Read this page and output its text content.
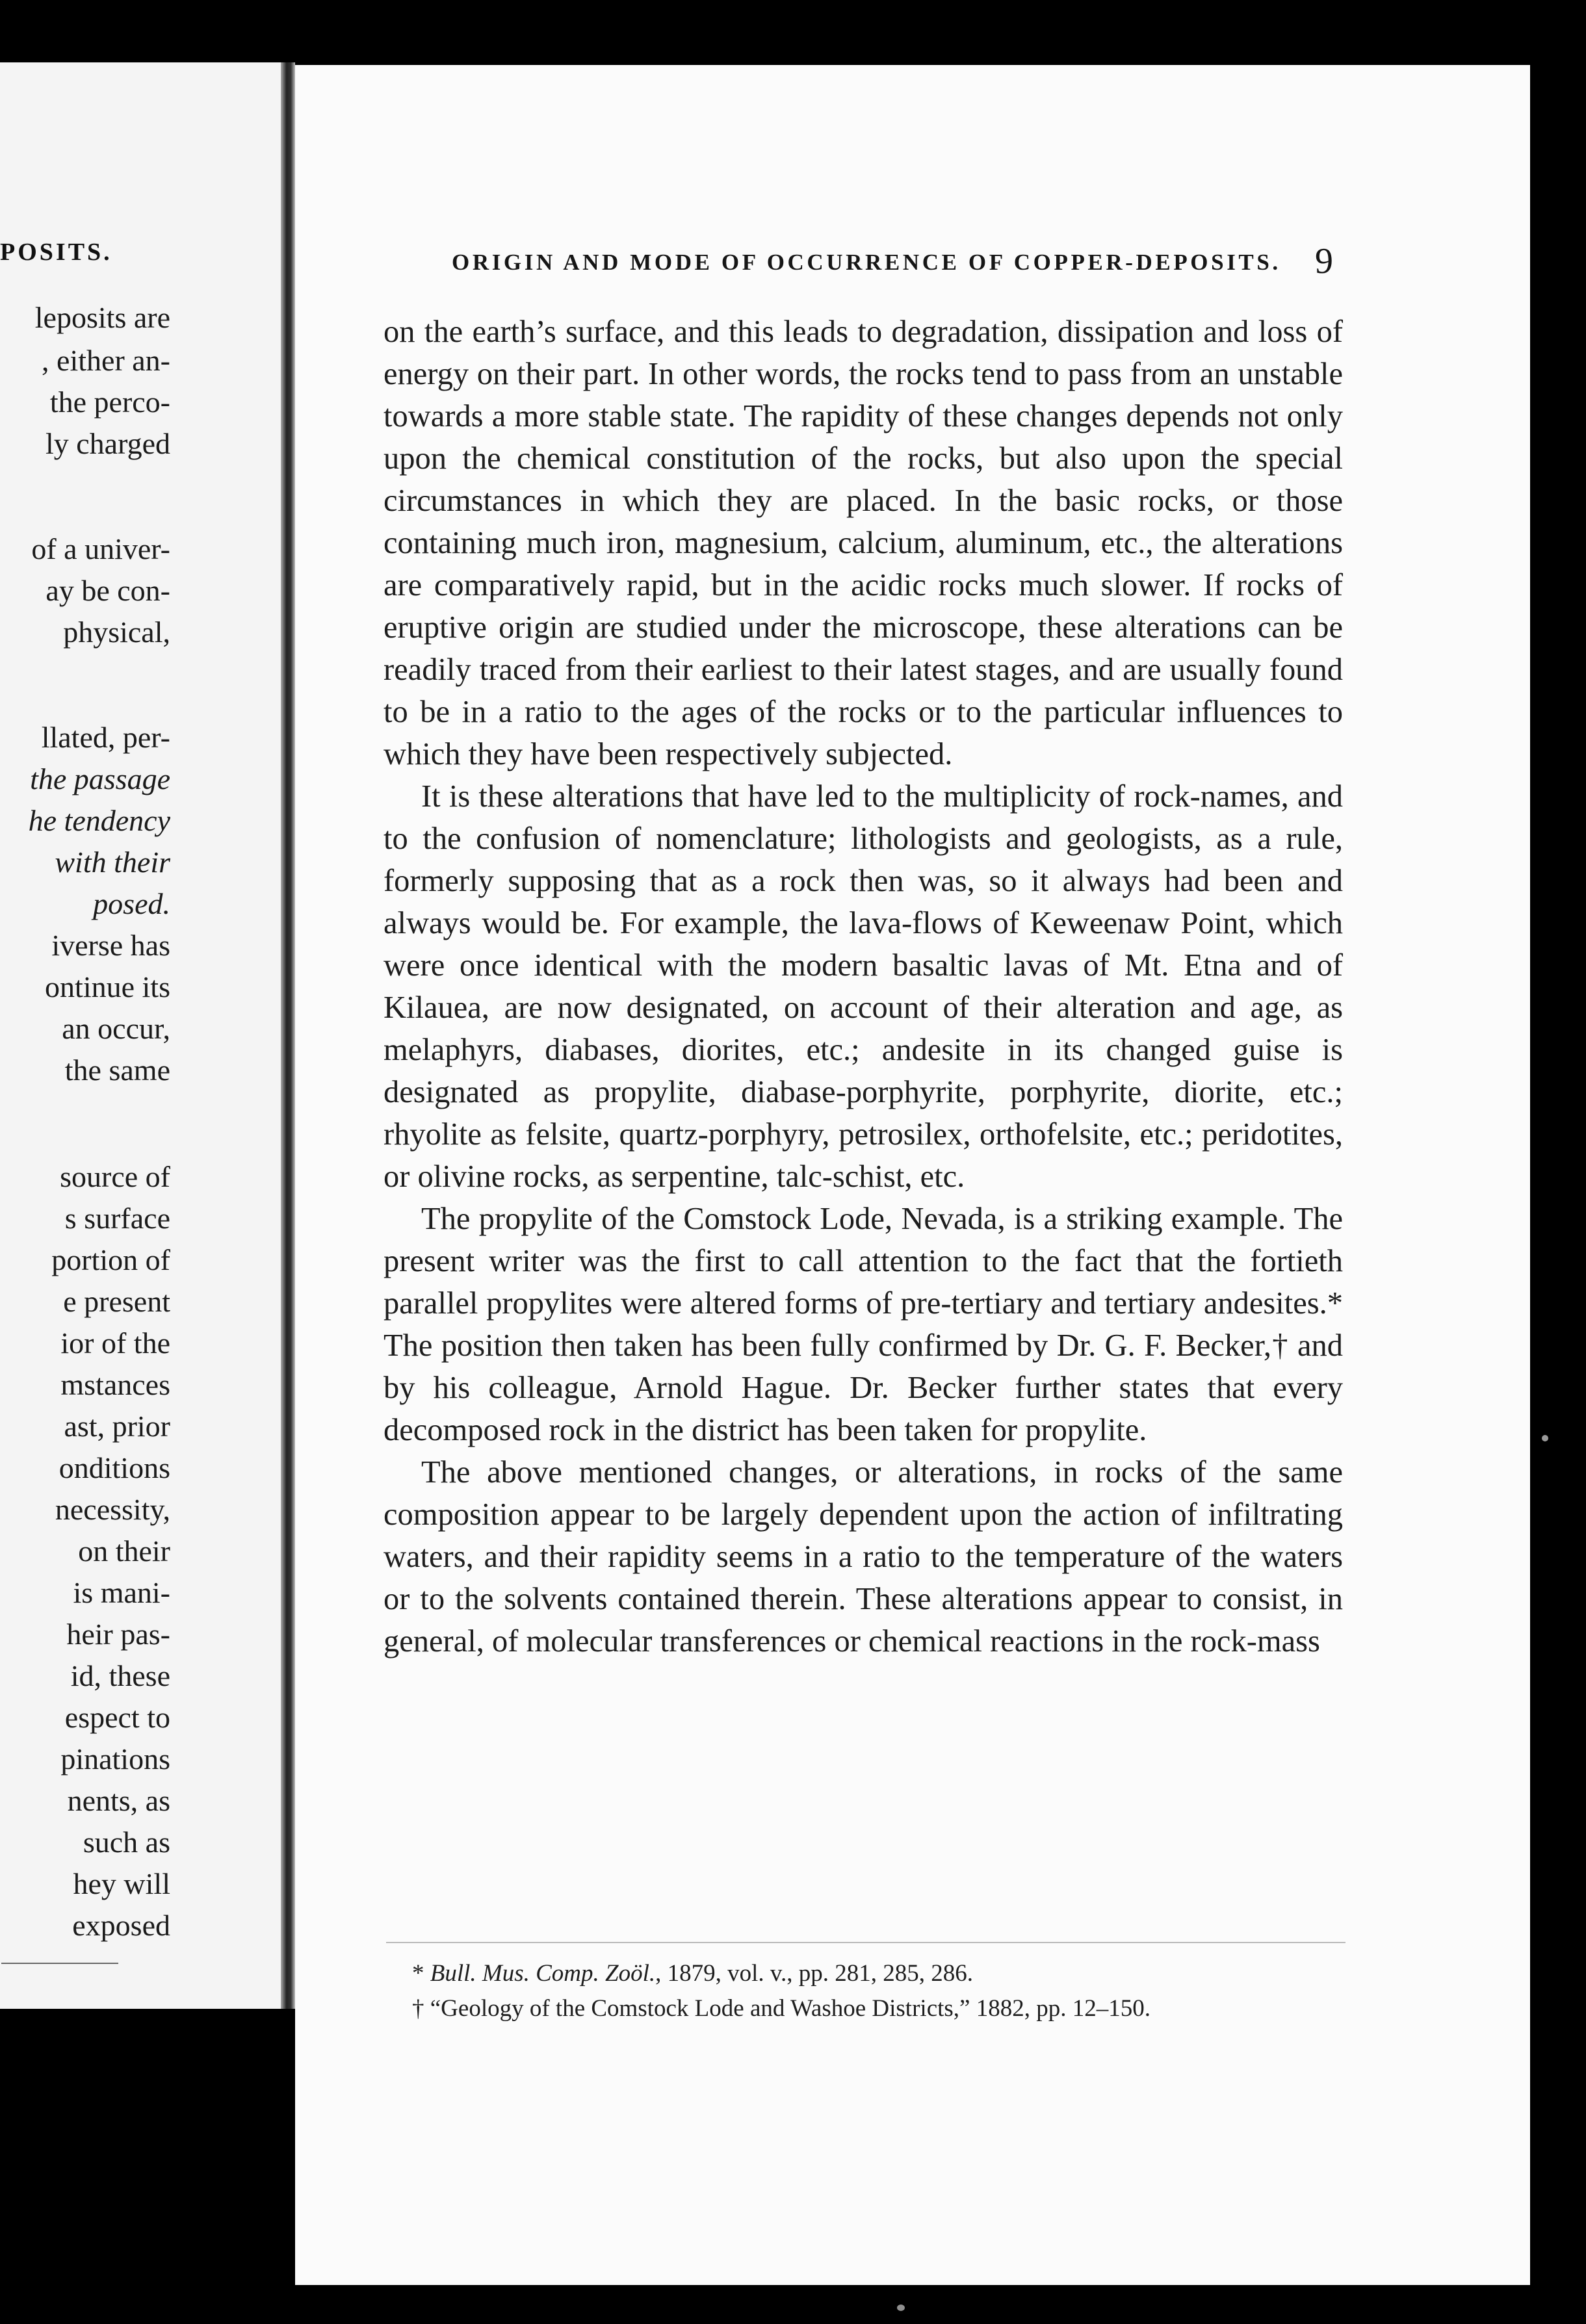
POSITS.
leposits are
, either an-
the perco-
ly charged
of a univer-
ay be con-
physical,
llated, per-
the passage
he tendency
with their
posed.
iverse has
ontinue its
an occur,
the same
source of
s surface
portion of
e present
ior of the
mstances
ast, prior
onditions
necessity,
on their
is mani-
heir pas-
id, these
espect to
pinations
nents, as
such as
hey will
exposed
ORIGIN AND MODE OF OCCURRENCE OF COPPER-DEPOSITS. 9

on the earth’s surface, and this leads to degradation, dissipation and loss of energy on their part. In other words, the rocks tend to pass from an unstable towards a more stable state. The rapidity of these changes depends not only upon the chemical constitution of the rocks, but also upon the special circumstances in which they are placed. In the basic rocks, or those containing much iron, magnesium, calcium, aluminum, etc., the alterations are comparatively rapid, but in the acidic rocks much slower. If rocks of eruptive origin are studied under the microscope, these alterations can be readily traced from their earliest to their latest stages, and are usually found to be in a ratio to the ages of the rocks or to the particular influences to which they have been respectively subjected.

It is these alterations that have led to the multiplicity of rock-names, and to the confusion of nomenclature; lithologists and geologists, as a rule, formerly supposing that as a rock then was, so it always had been and always would be. For example, the lava-flows of Keweenaw Point, which were once identical with the modern basaltic lavas of Mt. Etna and of Kilauea, are now designated, on account of their alteration and age, as melaphyrs, diabases, diorites, etc.; andesite in its changed guise is designated as propylite, diabase-porphyrite, porphyrite, diorite, etc.; rhyolite as felsite, quartz-porphyry, petrosilex, orthofelsite, etc.; peridotites, or olivine rocks, as serpentine, talc-schist, etc.

The propylite of the Comstock Lode, Nevada, is a striking example. The present writer was the first to call attention to the fact that the fortieth parallel propylites were altered forms of pre-tertiary and tertiary andesites.* The position then taken has been fully confirmed by Dr. G. F. Becker,† and by his colleague, Arnold Hague. Dr. Becker further states that every decomposed rock in the district has been taken for propylite.

The above mentioned changes, or alterations, in rocks of the same composition appear to be largely dependent upon the action of infiltrating waters, and their rapidity seems in a ratio to the temperature of the waters or to the solvents contained therein. These alterations appear to consist, in general, of molecular transferences or chemical reactions in the rock-mass

* Bull. Mus. Comp. Zoöl., 1879, vol. v., pp. 281, 285, 286.
† “Geology of the Comstock Lode and Washoe Districts,” 1882, pp. 12–150.
